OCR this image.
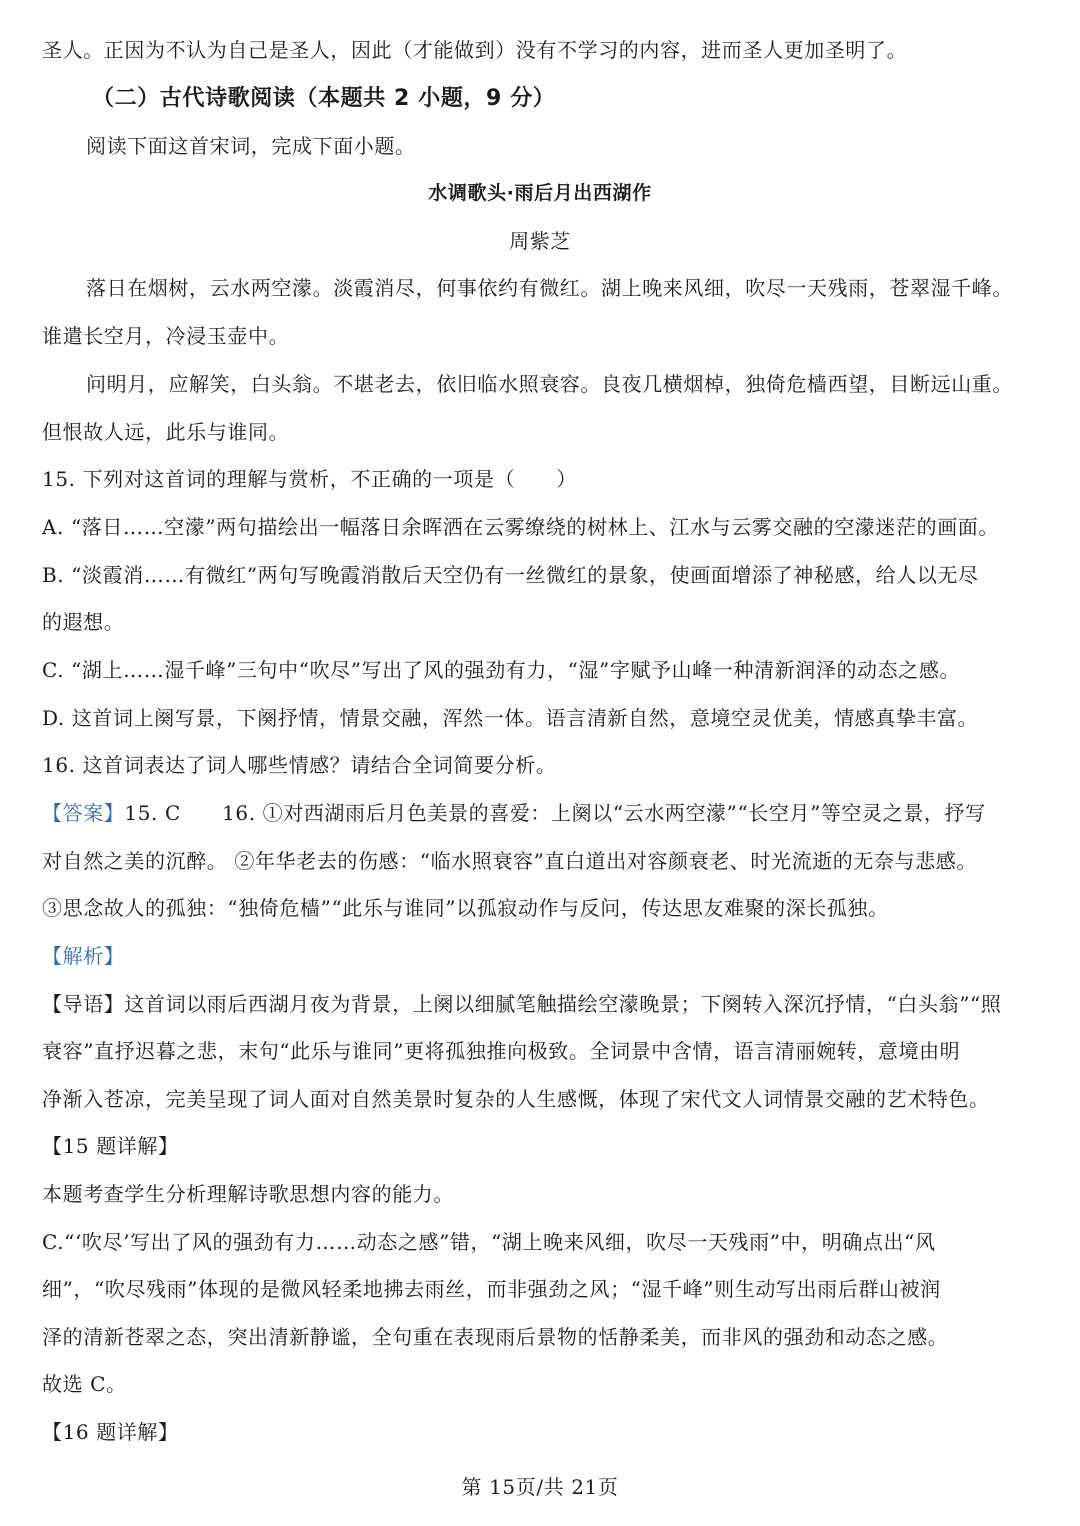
圣人。正因为不认为自己是圣人，因此（才能做到）没有不学习的内容，进而圣人更加圣明了。
（二）古代诗歌阅读（本题共 2 小题，9 分）
阅读下面这首宋词，完成下面小题。
水调歌头·雨后月出西湖作
周紫芝
落日在烟树，云水两空濛。淡霞消尽，何事依约有微红。湖上晚来风细，吹尽一天残雨，苍翠湿千峰。
谁遣长空月，冷浸玉壶中。
问明月，应解笑，白头翁。不堪老去，依旧临水照衰容。良夜几横烟棹，独倚危樯西望，目断远山重。
但恨故人远，此乐与谁同。
15. 下列对这首词的理解与赏析，不正确的一项是（　　）
A. “落日……空濛”两句描绘出一幅落日余晖洒在云雾缭绕的树林上、江水与云雾交融的空濛迷茫的画面。
B. “淡霞消……有微红”两句写晚霞消散后天空仍有一丝微红的景象，使画面增添了神秘感，给人以无尽
的遐想。
C. “湖上……湿千峰”三句中“吹尽”写出了风的强劲有力，“湿”字赋予山峰一种清新润泽的动态之感。
D. 这首词上阕写景，下阕抒情，情景交融，浑然一体。语言清新自然，意境空灵优美，情感真挚丰富。
16. 这首词表达了词人哪些情感？请结合全词简要分析。
【答案】15. C　　16. ①对西湖雨后月色美景的喜爱：上阕以“云水两空濛”“长空月”等空灵之景，抒写
对自然之美的沉醉。 ②年华老去的伤感：“临水照衰容”直白道出对容颜衰老、时光流逝的无奈与悲感。
③思念故人的孤独：“独倚危樯”“此乐与谁同”以孤寂动作与反问，传达思友难聚的深长孤独。
【解析】
【导语】这首词以雨后西湖月夜为背景，上阕以细腻笔触描绘空濛晚景；下阕转入深沉抒情，“白头翁”“照
衰容”直抒迟暮之悲，末句“此乐与谁同”更将孤独推向极致。全词景中含情，语言清丽婉转，意境由明
净渐入苍凉，完美呈现了词人面对自然美景时复杂的人生感慨，体现了宋代文人词情景交融的艺术特色。
【15 题详解】
本题考查学生分析理解诗歌思想内容的能力。
C.“‘吹尽’写出了风的强劲有力……动态之感”错，“湖上晚来风细，吹尽一天残雨”中，明确点出“风
细”，“吹尽残雨”体现的是微风轻柔地拂去雨丝，而非强劲之风；“湿千峰”则生动写出雨后群山被润
泽的清新苍翠之态，突出清新静谧，全句重在表现雨后景物的恬静柔美，而非风的强劲和动态之感。
故选 C。
【16 题详解】
第 15页/共 21页
